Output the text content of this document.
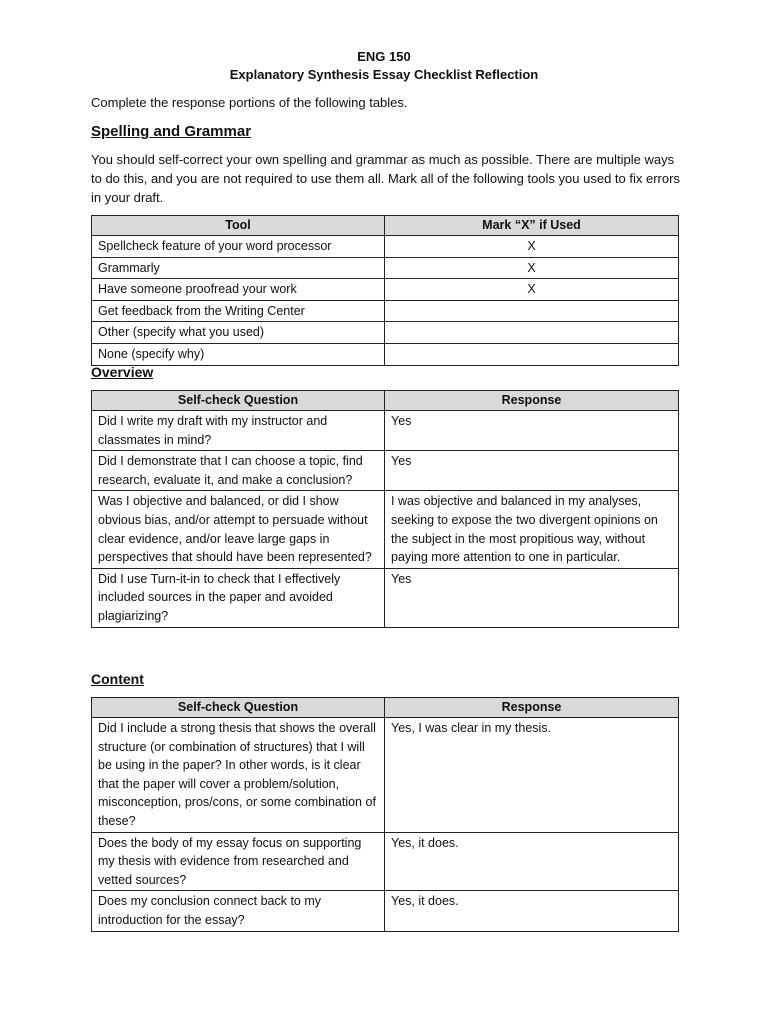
ENG 150
Explanatory Synthesis Essay Checklist Reflection
Complete the response portions of the following tables.
Spelling and Grammar
You should self-correct your own spelling and grammar as much as possible. There are multiple ways to do this, and you are not required to use them all. Mark all of the following tools you used to fix errors in your draft.
Tool	Mark “X” if Used
Spellcheck feature of your word processor	X
Grammarly	X
Have someone proofread your work	X
Get feedback from the Writing Center	
Other (specify what you used)	
None (specify why)	
Overview
Self-check Question	Response
Did I write my draft with my instructor and classmates in mind?	Yes
Did I demonstrate that I can choose a topic, find research, evaluate it, and make a conclusion?	Yes
Was I objective and balanced, or did I show obvious bias, and/or attempt to persuade without clear evidence, and/or leave large gaps in perspectives that should have been represented?	I was objective and balanced in my analyses, seeking to expose the two divergent opinions on the subject in the most propitious way, without paying more attention to one in particular.
Did I use Turn-it-in to check that I effectively included sources in the paper and avoided plagiarizing?	Yes
Content
Self-check Question	Response
Did I include a strong thesis that shows the overall structure (or combination of structures) that I will be using in the paper? In other words, is it clear that the paper will cover a problem/solution, misconception, pros/cons, or some combination of these?	Yes, I was clear in my thesis.
Does the body of my essay focus on supporting my thesis with evidence from researched and vetted sources?	Yes, it does.
Does my conclusion connect back to my introduction for the essay?	Yes, it does.
